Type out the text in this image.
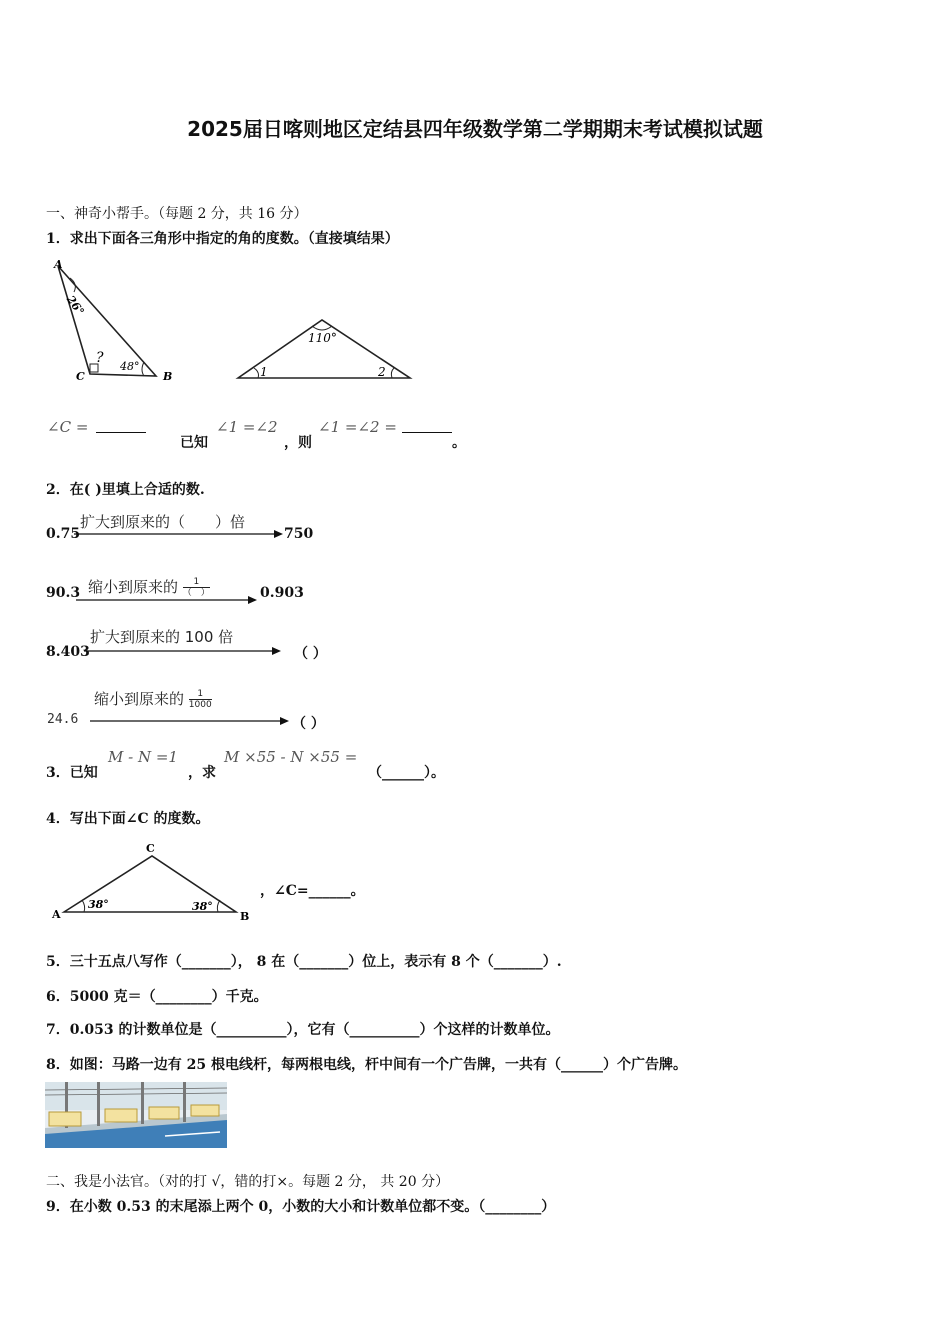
2025届日喀则地区定结县四年级数学第二学期期末考试模拟试题
一、神奇小帮手。（每题 2 分，共 16 分）
1．求出下面各三角形中指定的角的度数。（直接填结果）
A
B
C
26°
48°
?
110°
1	2
∠C =
已知
∠1 =∠2
，则
∠1 =∠2 =
。
2．在( )里填上合适的数.
0.75
扩大到原来的（　　）倍
750
90.3 缩小到原来的 $\frac{1}{( )}$	0.903
8.403
扩大到原来的 100 倍
（ ）
24.6
缩小到原来的 $\frac{1}{1000}$
（ ）
3．已知
M - N =1
，求
M ×55 - N ×55 =
（______）。
4．写出下面∠C 的度数。
A	B
C
38°	38°
，∠C=______。
5．三十五点八写作（_______）， 8 在（_______）位上，表示有 8 个（_______）.
6．5000 克＝（________）千克。
7．0.053 的计数单位是（__________），它有（__________）个这样的计数单位。
8．如图：马路一边有 25 根电线杆，每两根电线，杆中间有一个广告牌，一共有（______）个广告牌。
二、我是小法官。（对的打 √，错的打×。每题 2 分， 共 20 分）
9．在小数 0.53 的末尾添上两个 0，小数的大小和计数单位都不变。（________）
